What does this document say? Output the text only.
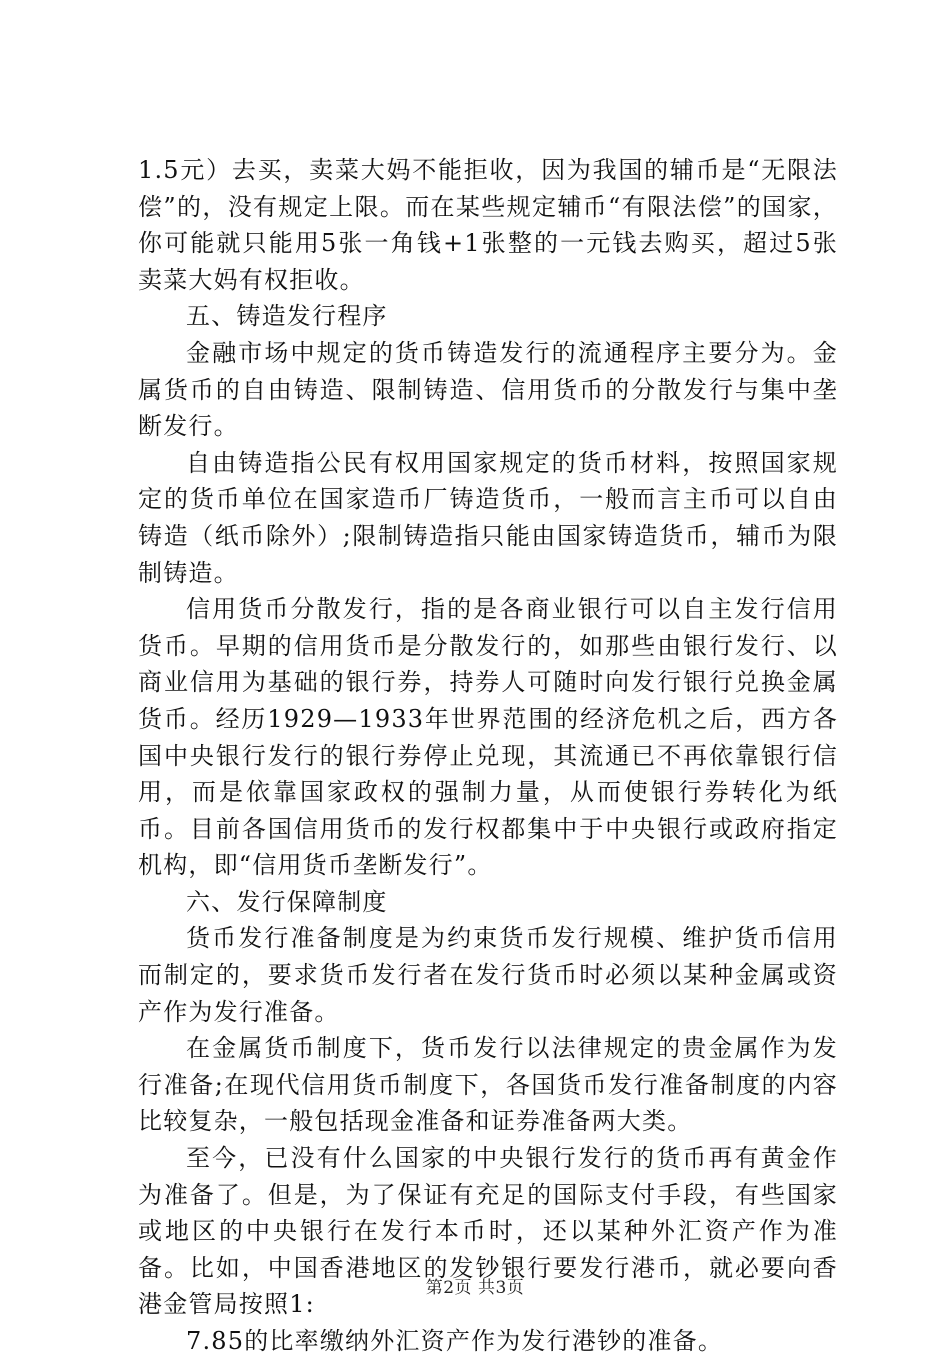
1.5元）去买，卖菜大妈不能拒收，因为我国的辅币是“无限法偿”的，没有规定上限。而在某些规定辅币“有限法偿”的国家，你可能就只能用5张一角钱+1张整的一元钱去购买，超过5张卖菜大妈有权拒收。

五、铸造发行程序

金融市场中规定的货币铸造发行的流通程序主要分为。金属货币的自由铸造、限制铸造、信用货币的分散发行与集中垄断发行。

自由铸造指公民有权用国家规定的货币材料，按照国家规定的货币单位在国家造币厂铸造货币，一般而言主币可以自由铸造（纸币除外）;限制铸造指只能由国家铸造货币，辅币为限制铸造。

信用货币分散发行，指的是各商业银行可以自主发行信用货币。早期的信用货币是分散发行的，如那些由银行发行、以商业信用为基础的银行券，持券人可随时向发行银行兑换金属货币。经历1929—1933年世界范围的经济危机之后，西方各国中央银行发行的银行券停止兑现，其流通已不再依靠银行信用，而是依靠国家政权的强制力量，从而使银行券转化为纸币。目前各国信用货币的发行权都集中于中央银行或政府指定机构，即“信用货币垄断发行”。

六、发行保障制度

货币发行准备制度是为约束货币发行规模、维护货币信用而制定的，要求货币发行者在发行货币时必须以某种金属或资产作为发行准备。

在金属货币制度下，货币发行以法律规定的贵金属作为发行准备;在现代信用货币制度下，各国货币发行准备制度的内容比较复杂，一般包括现金准备和证券准备两大类。

至今，已没有什么国家的中央银行发行的货币再有黄金作为准备了。但是，为了保证有充足的国际支付手段，有些国家或地区的中央银行在发行本币时，还以某种外汇资产作为准备。比如，中国香港地区的发钞银行要发行港币，就必要向香港金管局按照1:

7.85的比率缴纳外汇资产作为发行港钞的准备。

第2页 共3页
